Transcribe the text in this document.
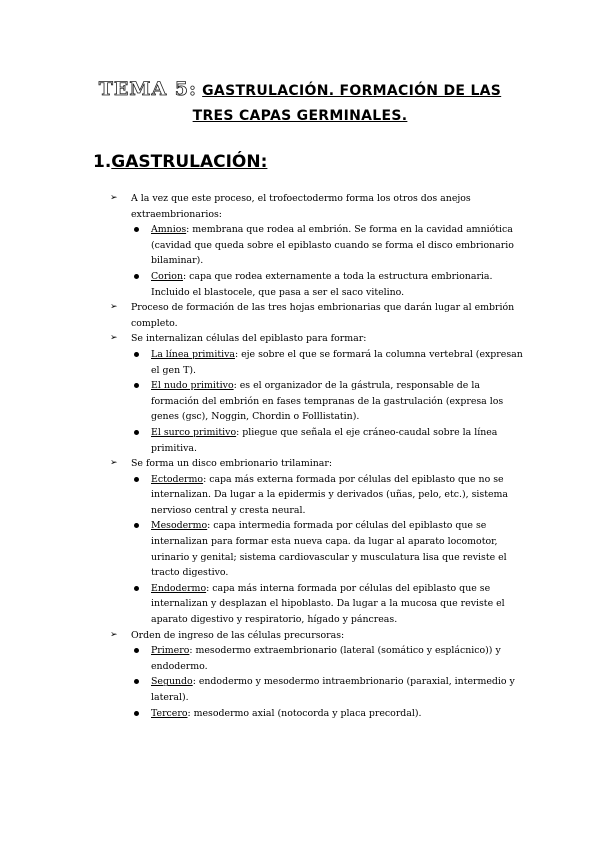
TEMA 5: GASTRULACIÓN. FORMACIÓN DE LAS
TRES CAPAS GERMINALES.
1.GASTRULACIÓN:
➢ A la vez que este proceso, el trofoectodermo forma los otros dos anejos extraembrionarios:
Amnios: membrana que rodea al embrión. Se forma en la cavidad amniótica (cavidad que queda sobre el epiblasto cuando se forma el disco embrionario bilaminar).
Corion: capa que rodea externamente a toda la estructura embrionaria. Incluido el blastocele, que pasa a ser el saco vitelino.
➢ Proceso de formación de las tres hojas embrionarias que darán lugar al embrión completo.
➢ Se internalizan células del epiblasto para formar:
La línea primitiva: eje sobre el que se formará la columna vertebral (expresan el gen T).
El nudo primitivo: es el organizador de la gástrula, responsable de la formación del embrión en fases tempranas de la gastrulación (expresa los genes (gsc), Noggin, Chordin o Folllistatin).
El surco primitivo: pliegue que señala el eje cráneo-caudal sobre la línea primitiva.
➢ Se forma un disco embrionario trilaminar:
Ectodermo: capa más externa formada por células del epiblasto que no se internalizan. Da lugar a la epidermis y derivados (uñas, pelo, etc.), sistema nervioso central y cresta neural.
Mesodermo: capa intermedia formada por células del epiblasto que se internalizan para formar esta nueva capa. da lugar al aparato locomotor, urinario y genital; sistema cardiovascular y musculatura lisa que reviste el tracto digestivo.
Endodermo: capa más interna formada por células del epiblasto que se internalizan y desplazan el hipoblasto. Da lugar a la mucosa que reviste el aparato digestivo y respiratorio, hígado y páncreas.
➢ Orden de ingreso de las células precursoras:
Primero: mesodermo extraembrionario (lateral (somático y esplácnico)) y endodermo.
Segundo: endodermo y mesodermo intraembrionario (paraxial, intermedio y lateral).
Tercero: mesodermo axial (notocorda y placa precordal).
